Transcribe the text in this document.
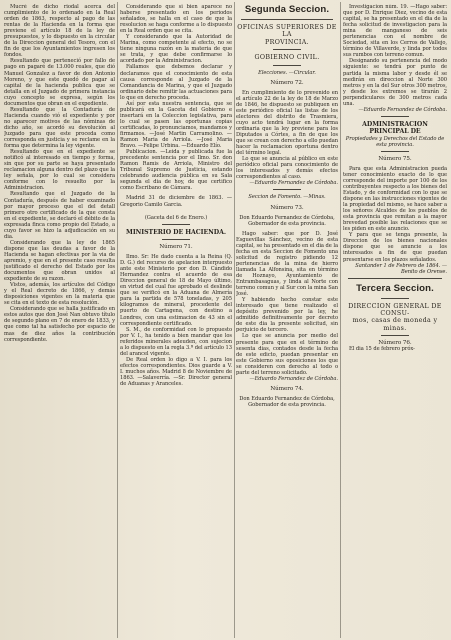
Mucré de dicho riodal acerca del cumplimiento de lo ordenado en la Real orden de 1863, respecto al pago de las rentas de la Hacienda en la forma que previene el artículo 18 de la ley de presupuestos, y lo dispuesto en la circular de la Direccion general del Tesoro, con el fin de que los Ayuntamientos ingresen los fondos.

Resultando que perteneció por fallo de pago en pagaré de 13.000 reales, que dió Manuel Gonzalez a favor de don Antonio Moreno, y que este quedó de pagar al capital de la hacienda publica que se detalla en el Juzgado de primera instancia cuyo concepto se expresa, según los documentos que obran en el expediente.

Resultando que la Contaduría de Hacienda cuando vió el expediente y por no aparecer motivos de las nóminas de dicho año, se acordó su devolución al Juzgado para que este proceda como corresponda en justicia y se reclame en la forma que determina la ley vigente.

Resultando que en el expediente se notificó al interesado en tiempo y forma, sin que por su parte se haya presentado reclamacion alguna dentro del plazo que la ley señala, por lo cual se considera conforme con lo resuelto por la Administracion.

Resultando que el Juzgado de la Contaduría, después de haber examinado por mayor proceso que el del detall primero otro certificado de la que consta en el expediente, se declaró el débito de la expresada finca como propio del Estado, a cuyo favor se hizo la adjudicación en su dia.

Considerando que la ley de 1865 dispone que las deudas a favor de la Hacienda se hagan efectivas por la via de apremio, y que en el presente caso resulta justificado el derecho del Estado por los documentos que obran unidos al expediente de su razon.

Vistos, además, los artículos del Código y el Real decreto de 1866, y demás disposiciones vigentes en la materia que se cita en el texto de esta resolución.

Considerando que se halla justificado en estos autos que don José Nan obtuvo título de segundo plano en 7 de enero de 1833, y que como tal ha satisfecho por espacio de mas de diez años la contribución correspondiente.

Considerando que si bien aparece no haberse presentado en los periodos señalados, se halla en el caso de que la resolucion se haga conforme a lo dispuesto en la Real orden que se cita.

Y considerando que la Autoridad de Marina, como competente al efecto, no se tiene ninguna razón en la materia de que se trata, y que debe confirmarse lo acordado por la Administracion.

Fallamos que debemos declarar y declaramos que el conocimiento de esta causa corresponde al Juzgado de la Comandancia de Marina, y que el Juzgado ordinario debe remitir las actuaciones para lo que en derecho proceda.

Así por esta nuestra sentencia, que se publicará en la Gaceta del Gobierno e insertará en la Coleccion legislativa, para lo cual se pasen las oportunas copias certificadas, lo pronunciamos, mandamos y firmamos. —José Martin Carramolino. —Ramon Maria de Arriola. —José Maria Bravo. —Felipe Urbina. —Eduardo Elío.

Publicacion. —Leida y publicada fue la precedente sentencia por el Ilmo. Sr. don Ramon Ramis de Arriola, Ministro del Tribunal Supremo de Justicia, estando celebrando audiencia pública en su Sala segunda el dia de hoy, de que certifico como Escribano de Cámara.

Madrid 31 de diciembre de 1863. —Gregorio Camilo Garcia.

(Gaceta del 6 de Enero.)

MINISTERIO DE HACIENDA.

Número 71.

Ilmo. Sr: He dado cuenta a la Reina (Q. D. G.) del recurso de apelacion interpuesto ante este Ministerio por don D. Cándido Hernandez contra el acuerdo de esa Direccion general de 18 de Mayo último, en virtud del cual fue aprobado el deslinde que se verificó en la Aduana de Almería para la partida de 578 toneladas, y 205 kilogramos de mineral, procedente del puerto de Cartagena, con destino a Londres, con una estimacion de 43 sin el correspondiente certificado.

S. M., de conformidad con lo propuesto por V. I., ha tenido a bien mandar que los referidos minerales adeuden, con sujecion a lo dispuesto en la regla 3.ª del artículo 13 del arancel vigente.

De Real orden lo digo a V. I. para los efectos correspondientes. Dios guarde a V. I. muchos años. Madrid 8 de Noviembre de 1863. —Salaverría. —Sr. Director general de Aduanas y Aranceles.

Segunda Seccion.

OFICINAS SUPERIORES DE LA

PROVINCIA.

GOBIERNO CIVIL.

Elecciones. —Circular.

Número 72.

En cumplimiento de lo prevenido en el artículo 22 de la ley de 18 de Marzo de 1846, he dispuesto se publiquen en este periódico oficial las listas de los electores del distrito de Trasmiera, cuyo acto tendrá lugar en la forma ordinaria que la ley previene para los Diputados a Córtes, a fin de que los que se crean con derecho a ello puedan hacer la reclamacion oportuna dentro del término legal.

Lo que se anuncia al público en este periódico oficial para conocimiento de los interesados y demás efectos correspondientes al caso.

—Eduardo Fernandez de Córdoba.

Seccion de Fomento. —Minas.

Número 73.

Don Eduardo Fernandez de Córdoba, Gobernador de esta provincia.

Hago saber: que por D. José Esguevillas Sánchez, vecino de esta capital, se ha presentado en el dia de la fecha en esta Seccion de Fomento una solicitud de registro pidiendo 12 pertenencias de la mina de hierro llamada La Alfonsina, sita en término de Hoznayo, Ayuntamiento de Entrambasaguas, y linda al Norte con terreno comun y al Sur con la mina San José.

Y habiendo hecho constar este interesado que tiene realizado el depósito prevenido por la ley, he admitido definitivamente por decreto de este dia la presente solicitud, sin perjuicio de tercero.

Lo que se anuncia por medio del presente para que en el término de sesenta dias, contados desde la fecha de este edicto, puedan presentar en este Gobierno sus oposiciones los que se consideren con derecho al todo o parte del terreno solicitado.

—Eduardo Fernandez de Córdoba.

Número 74.

Don Eduardo Fernandez de Córdoba, Gobernador de esta provincia.

Investigacion núm. 19. —Hago saber: que por D. Enrique Diez, vecino de esta capital, se ha presentado en el dia de la fecha solicitud de investigacion para la mina de manganeso de seis pertenencias con el nombre de Sociedad, sita en los Cerros de Vallejo, término de Villaverde, y linda por todos sus rumbos con terreno comun.

Designando su pertenencia del modo siguiente: se tendrá por punto de partida la misma labor y desde él se medirán en direccion al Norte 300 metros y en la del Sur otros 300 metros, y desde los extremos se tirarán 2 perpendiculares de 300 metros cada una.

—Eduardo Fernandez de Córdoba.

ADMINISTRACION PRINCIPAL DE

Propiedades y Derechos del Estado de esta provincia.

Número 75.

Para que esta Administracion pueda tener conocimiento exacto de lo que corresponde del importe por 100 de los contribuyentes respecto a los bienes del Estado, y de conformidad con lo que se dispone en las instrucciones vigentes de la propiedad del mismo, se hace saber a los señores Alcaldes de los pueblos de esta provincia que remitan a la mayor brevedad posible las relaciones que se les piden en este anuncio.

Y para que se tenga presente, la Direccion de los bienes nacionales dispone que se anuncie a los interesados a fin de que puedan presentarse en los plazos señalados.

Santander 1 de Febrero de 1864. —Benito de Orense.

Tercera Seccion.

DIRECCION GENERAL DE CONSU-

mos, casas de moneda y minas.

Número 76.

El dia 15 de febrero próx-
